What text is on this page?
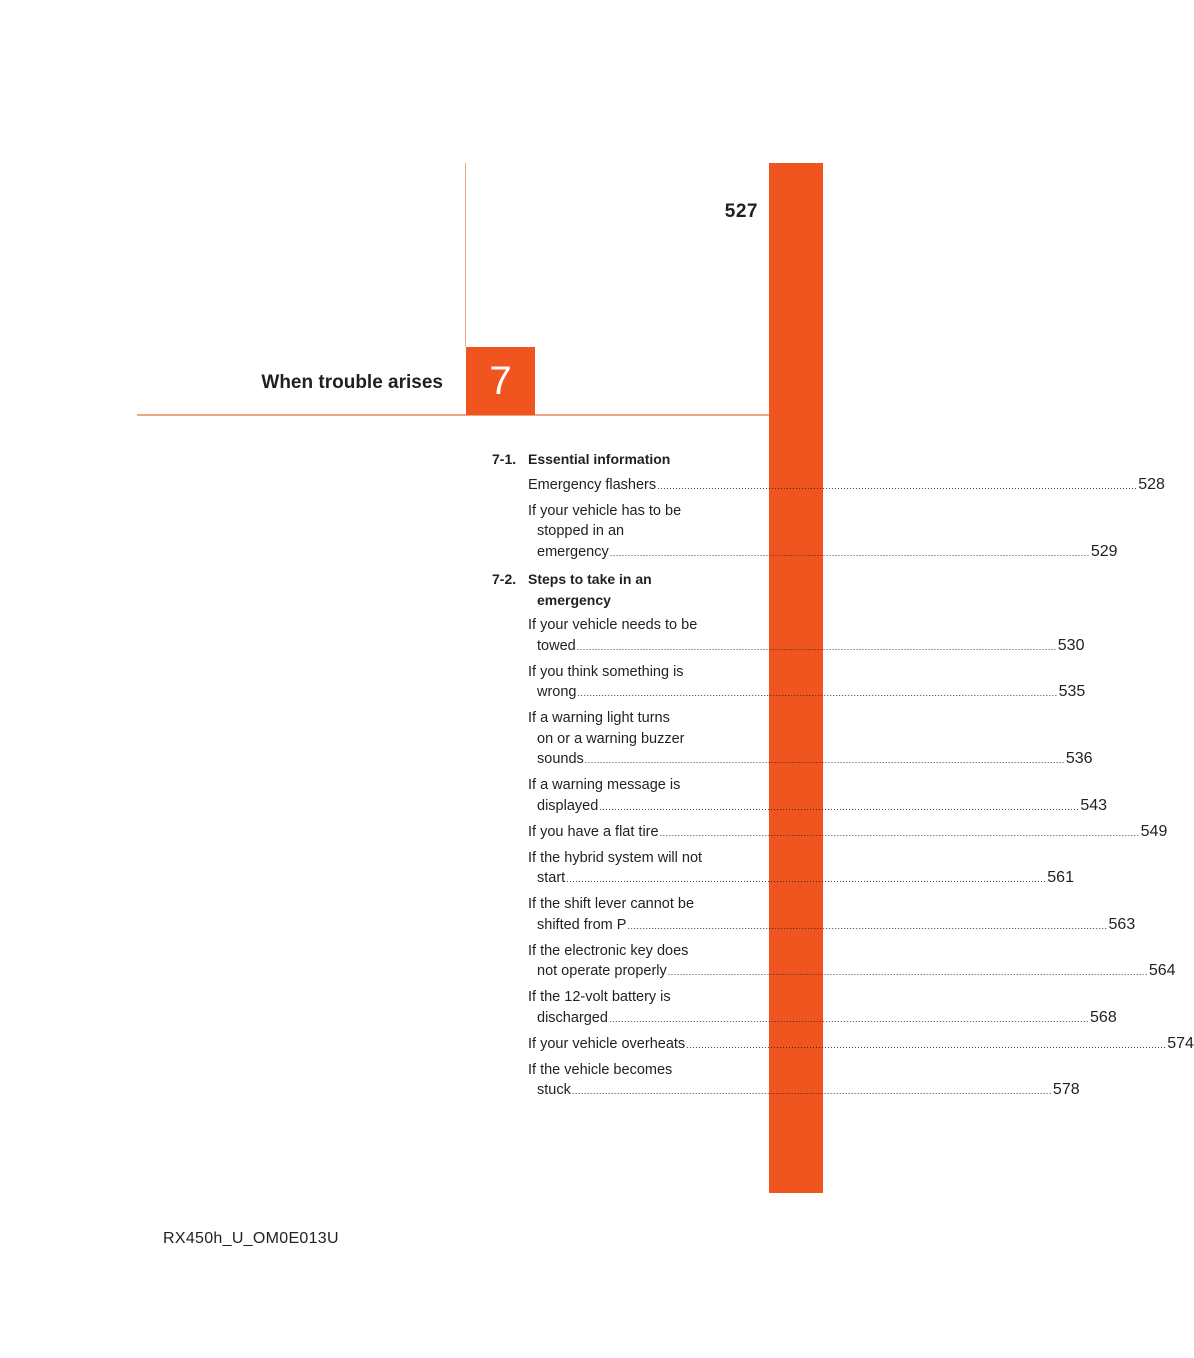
527
7
When trouble arises
7-1. Essential information
Emergency flashers ................................................................................................................................................................ 528
If your vehicle has to be
stopped in an
emergency ................................................................................................................................................................ 529
7-2. Steps to take in an
emergency
If your vehicle needs to be
towed ................................................................................................................................................................ 530
If you think something is
wrong ................................................................................................................................................................ 535
If a warning light turns
on or a warning buzzer
sounds ................................................................................................................................................................ 536
If a warning message is
displayed ................................................................................................................................................................ 543
If you have a flat tire ................................................................................................................................................................ 549
If the hybrid system will not
start ................................................................................................................................................................ 561
If the shift lever cannot be
shifted from P ................................................................................................................................................................ 563
If the electronic key does
not operate properly ................................................................................................................................................................ 564
If the 12-volt battery is
discharged ................................................................................................................................................................ 568
If your vehicle overheats ................................................................................................................................................................ 574
If the vehicle becomes
stuck ................................................................................................................................................................ 578
RX450h_U_OM0E013U
